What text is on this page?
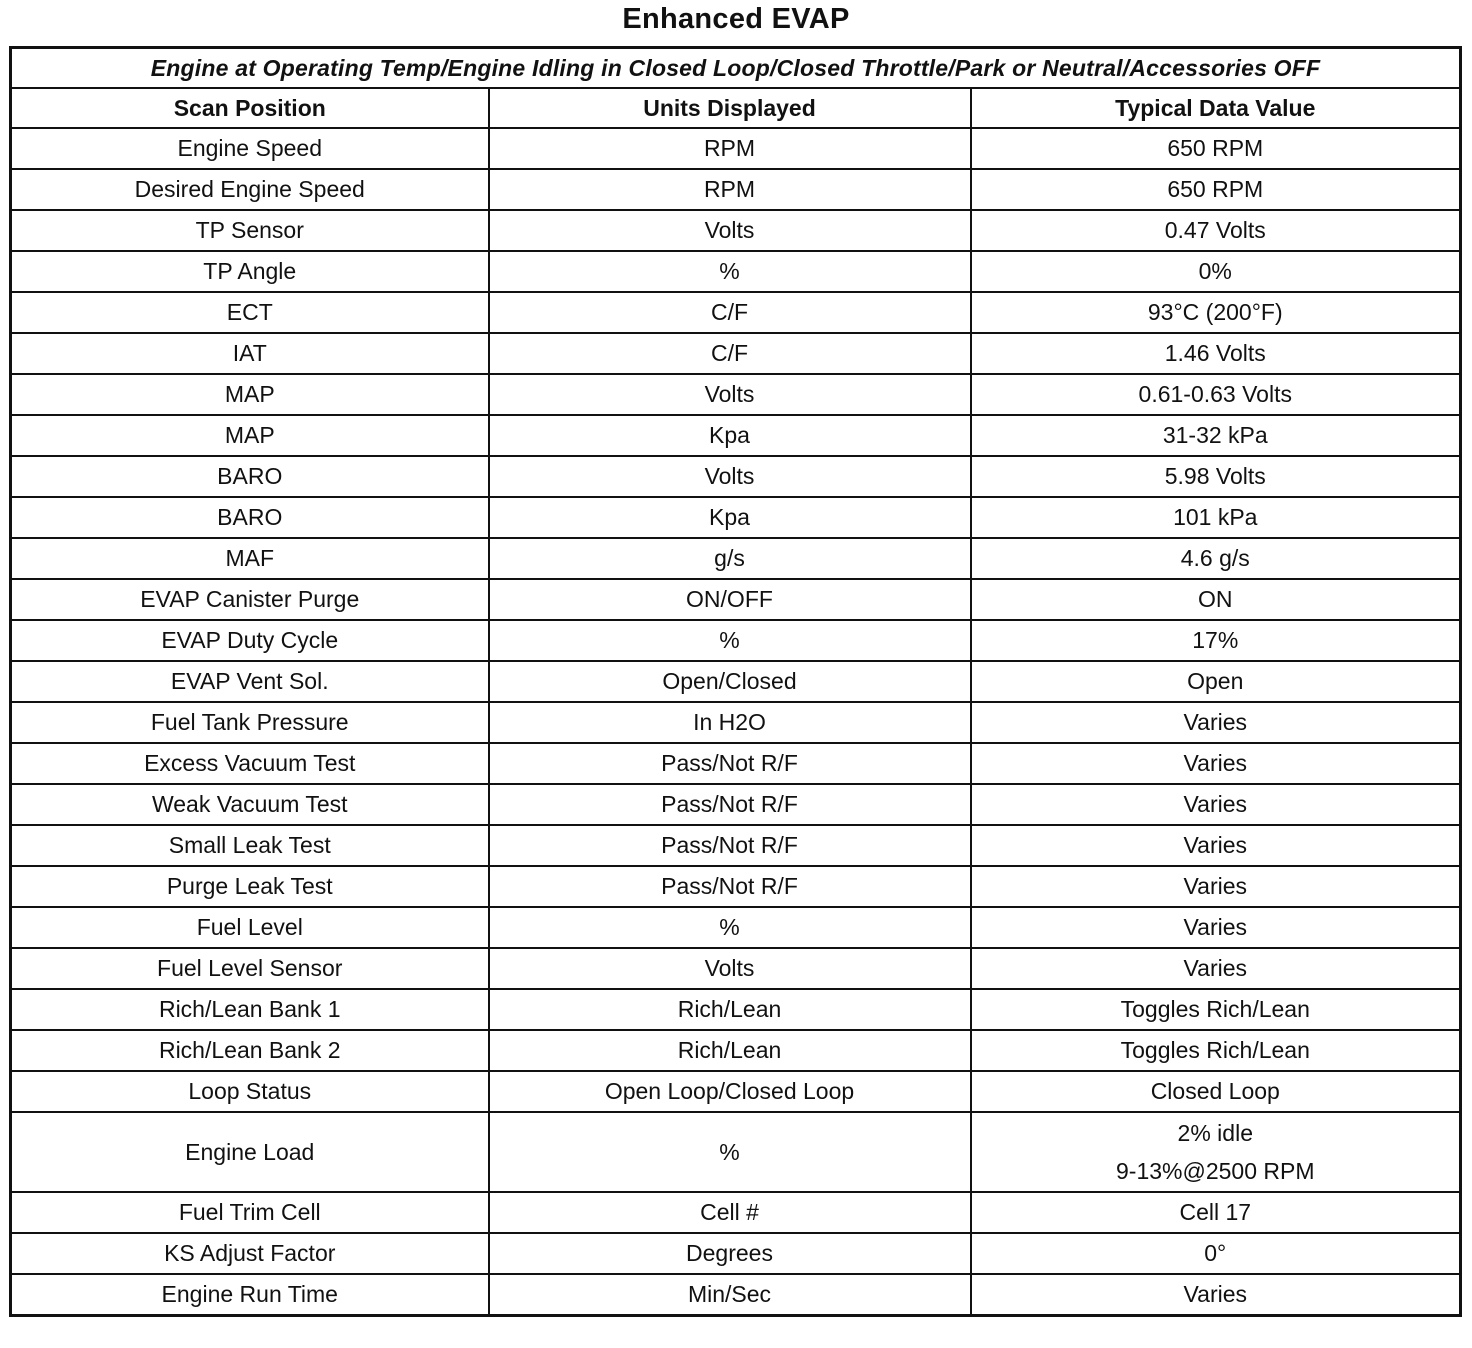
Enhanced EVAP
Engine at Operating Temp/Engine Idling in Closed Loop/Closed Throttle/Park or Neutral/Accessories OFF		
Scan Position	Units Displayed	Typical Data Value
Engine Speed	RPM	650 RPM
Desired Engine Speed	RPM	650 RPM
TP Sensor	Volts	0.47 Volts
TP Angle	%	0%
ECT	C/F	93°C (200°F)
IAT	C/F	1.46 Volts
MAP	Volts	0.61-0.63 Volts
MAP	Kpa	31-32 kPa
BARO	Volts	5.98 Volts
BARO	Kpa	101 kPa
MAF	g/s	4.6 g/s
EVAP Canister Purge	ON/OFF	ON
EVAP Duty Cycle	%	17%
EVAP Vent Sol.	Open/Closed	Open
Fuel Tank Pressure	In H2O	Varies
Excess Vacuum Test	Pass/Not R/F	Varies
Weak Vacuum Test	Pass/Not R/F	Varies
Small Leak Test	Pass/Not R/F	Varies
Purge Leak Test	Pass/Not R/F	Varies
Fuel Level	%	Varies
Fuel Level Sensor	Volts	Varies
Rich/Lean Bank 1	Rich/Lean	Toggles Rich/Lean
Rich/Lean Bank 2	Rich/Lean	Toggles Rich/Lean
Loop Status	Open Loop/Closed Loop	Closed Loop
Engine Load	%	2% idle
9-13%@2500 RPM

Fuel Trim Cell	Cell #	Cell 17
KS Adjust Factor	Degrees	0°
Engine Run Time	Min/Sec	Varies
